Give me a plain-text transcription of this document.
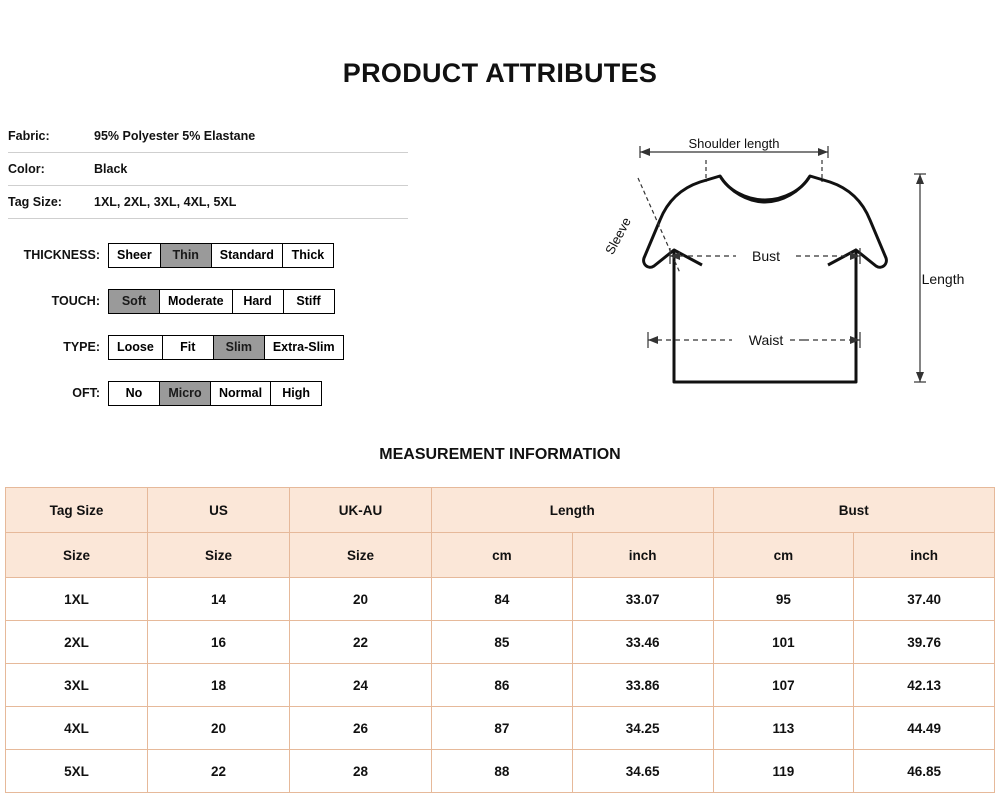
PRODUCT ATTRIBUTES
Fabric:	95% Polyester 5% Elastane
Color:	Black
Tag Size:	1XL, 2XL, 3XL, 4XL, 5XL
THICKNESS:	Sheer	Thin	Standard	Thick
TOUCH:	Soft	Moderate	Hard	Stiff
TYPE:	Loose	Fit	Slim	Extra-Slim
OFT:	No	Micro	Normal	High
Shoulder length
Sleeve	Bust
Waist
Length
MEASUREMENT INFORMATION
Tag Size	US	UK-AU	Length		Bust	
Size	Size	Size	cm	inch	cm	inch
1XL	14	20	84	33.07	95	37.40
2XL	16	22	85	33.46	101	39.76
3XL	18	24	86	33.86	107	42.13
4XL	20	26	87	34.25	113	44.49
5XL	22	28	88	34.65	119	46.85
